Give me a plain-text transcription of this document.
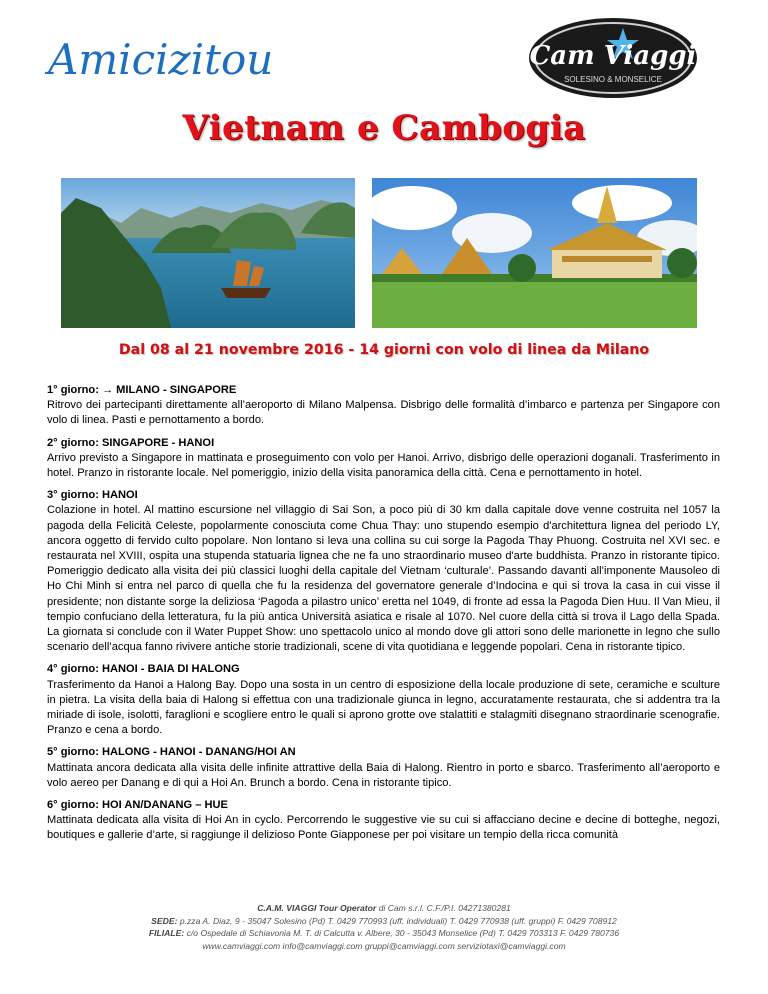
Amicizitour	Cam Viaggi
SOLESINO & MONSELICE
Vietnam e Cambogia
Dal 08 al 21 novembre 2016 - 14 giorni con volo di linea da Milano
1° giorno: → MILANO - SINGAPORE
Ritrovo dei partecipanti direttamente all’aeroporto di Milano Malpensa. Disbrigo delle formalità d’imbarco e partenza per Singapore con volo di linea. Pasti e pernottamento a bordo.
2° giorno: SINGAPORE - HANOI
Arrivo previsto a Singapore in mattinata e proseguimento con volo per Hanoi. Arrivo, disbrigo delle operazioni doganali. Trasferimento in hotel. Pranzo in ristorante locale. Nel pomeriggio, inizio della visita panoramica della città. Cena e pernottamento in hotel.
3° giorno: HANOI
Colazione in hotel. Al mattino escursione nel villaggio di Sai Son, a poco più di 30 km dalla capitale dove venne costruita nel 1057 la pagoda della Felicità Celeste, popolarmente conosciuta come Chua Thay: uno stupendo esempio d'architettura lignea del periodo LY, ancora oggetto di fervido culto popolare. Non lontano si leva una collina su cui sorge la Pagoda Thay Phuong. Costruita nel XVI sec. e restaurata nel XVIII, ospita una stupenda statuaria lignea che ne fa uno straordinario museo d'arte buddhista. Pranzo in ristorante tipico. Pomeriggio dedicato alla visita dei più classici luoghi della capitale del Vietnam ‘culturale’. Passando davanti all’imponente Mausoleo di Ho Chi Minh si entra nel parco di quella che fu la residenza del governatore generale d’Indocina e qui si trova la casa in cui visse il presidente; non distante sorge la deliziosa ‘Pagoda a pilastro unico’ eretta nel 1049, di fronte ad essa la Pagoda Dien Huu. Il Van Mieu, il tempio confuciano della letteratura, fu la più antica Università asiatica e risale al 1070. Nel cuore della città si trova il Lago della Spada. La giornata si conclude con il Water Puppet Show: uno spettacolo unico al mondo dove gli attori sono delle marionette in legno che sullo scenario dell’acqua fanno rivivere antiche storie tradizionali, scene di vita quotidiana e leggende popolari. Cena in ristorante tipico.
4° giorno: HANOI - BAIA DI HALONG
Trasferimento da Hanoi a Halong Bay. Dopo una sosta in un centro di esposizione della locale produzione di sete, ceramiche e sculture in pietra. La visita della baia di Halong si effettua con una tradizionale giunca in legno, accuratamente restaurata, che si addentra tra la miriade di isole, isolotti, faraglioni e scogliere entro le quali si aprono grotte ove stalattiti e stalagmiti disegnano straordinarie scenografie. Pranzo e cena a bordo.
5° giorno: HALONG - HANOI - DANANG/HOI AN
Mattinata ancora dedicata alla visita delle infinite attrattive della Baia di Halong. Rientro in porto e sbarco. Trasferimento all’aeroporto e volo aereo per Danang e di qui a Hoi An. Brunch a bordo. Cena in ristorante tipico.
6° giorno: HOI AN/DANANG – HUE
Mattinata dedicata alla visita di Hoi An in cyclo. Percorrendo le suggestive vie su cui si affacciano decine e decine di botteghe, negozi, boutiques e gallerie d’arte, si raggiunge il delizioso Ponte Giapponese per poi visitare un tempio della ricca comunità
C.A.M. VIAGGI Tour Operator di Cam s.r.l. C.F./P.I. 04271380281
SEDE: p.zza A. Diaz, 9 - 35047 Solesino (Pd) T. 0429 770993 (uff. individuali) T. 0429 770938 (uff. gruppi) F. 0429 708912
FILIALE: c/o Ospedale di Schiavonia M. T. di Calcutta v. Albere, 30 - 35043 Monselice (Pd) T. 0429 703313 F. 0429 780736
www.camviaggi.com info@camviaggi.com gruppi@camviaggi.com serviziotaxi@camviaggi.com
